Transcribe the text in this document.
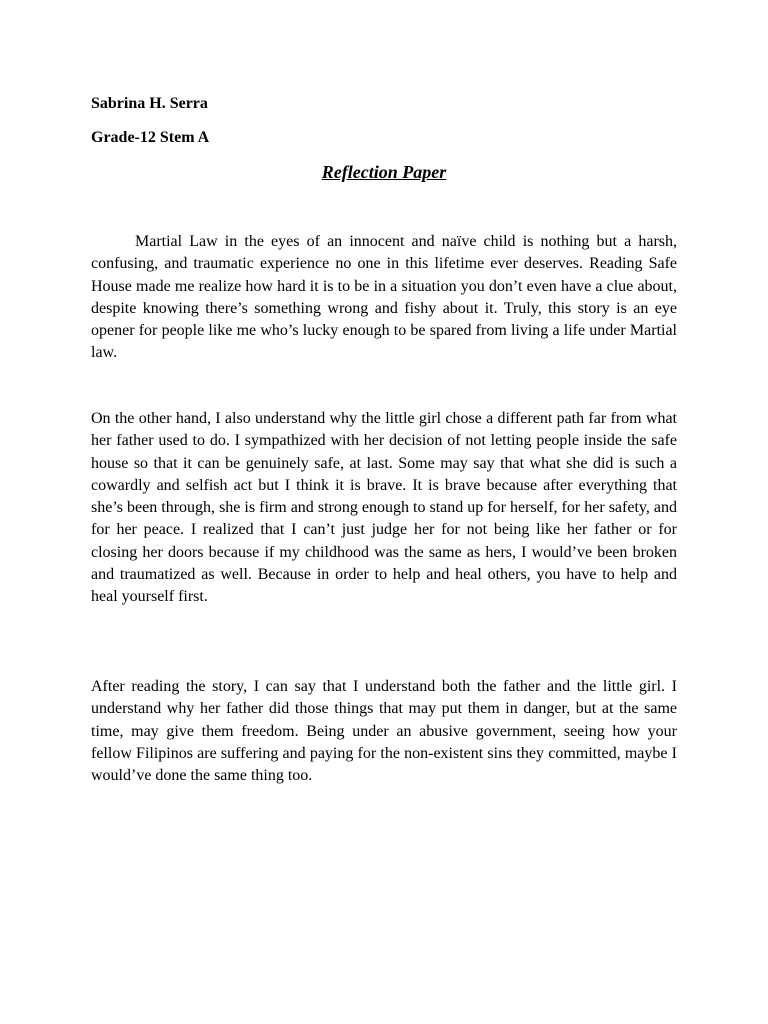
Sabrina H. Serra
Grade-12 Stem A
Reflection Paper

Martial Law in the eyes of an innocent and naïve child is nothing but a harsh, confusing, and traumatic experience no one in this lifetime ever deserves. Reading Safe House made me realize how hard it is to be in a situation you don’t even have a clue about, despite knowing there’s something wrong and fishy about it. Truly, this story is an eye opener for people like me who’s lucky enough to be spared from living a life under Martial law.

On the other hand, I also understand why the little girl chose a different path far from what her father used to do. I sympathized with her decision of not letting people inside the safe house so that it can be genuinely safe, at last. Some may say that what she did is such a cowardly and selfish act but I think it is brave. It is brave because after everything that she’s been through, she is firm and strong enough to stand up for herself, for her safety, and for her peace. I realized that I can’t just judge her for not being like her father or for closing her doors because if my childhood was the same as hers, I would’ve been broken and traumatized as well. Because in order to help and heal others, you have to help and heal yourself first.

After reading the story, I can say that I understand both the father and the little girl. I understand why her father did those things that may put them in danger, but at the same time, may give them freedom. Being under an abusive government, seeing how your fellow Filipinos are suffering and paying for the non-existent sins they committed, maybe I would’ve done the same thing too.
